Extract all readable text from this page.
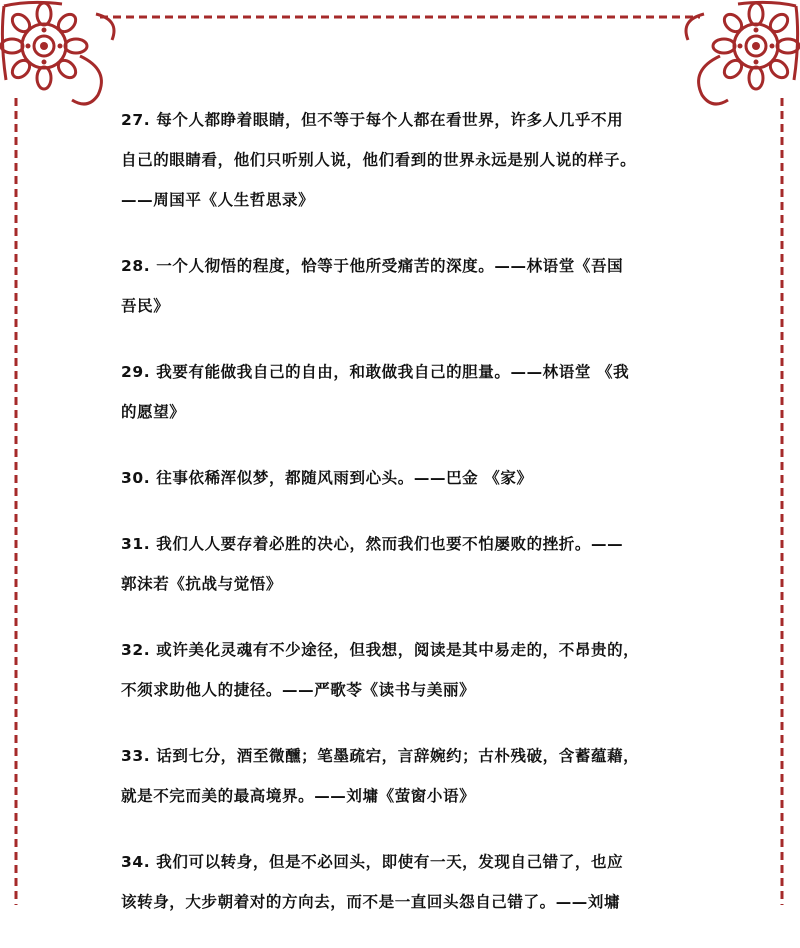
27. 每个人都睁着眼睛，但不等于每个人都在看世界，许多人几乎不用
自己的眼睛看，他们只听别人说，他们看到的世界永远是别人说的样子。
——周国平《人生哲思录》
28. 一个人彻悟的程度，恰等于他所受痛苦的深度。——林语堂《吾国
吾民》
29. 我要有能做我自己的自由，和敢做我自己的胆量。——林语堂 《我
的愿望》
30. 往事依稀浑似梦，都随风雨到心头。——巴金 《家》
31. 我们人人要存着必胜的决心，然而我们也要不怕屡败的挫折。——
郭沫若《抗战与觉悟》
32. 或许美化灵魂有不少途径，但我想，阅读是其中易走的，不昂贵的，
不须求助他人的捷径。——严歌苓《读书与美丽》
33. 话到七分，酒至微醺；笔墨疏宕，言辞婉约；古朴残破，含蓄蕴藉，
就是不完而美的最高境界。——刘墉《萤窗小语》
34. 我们可以转身，但是不必回头，即使有一天，发现自己错了，也应
该转身，大步朝着对的方向去，而不是一直回头怨自己错了。——刘墉
